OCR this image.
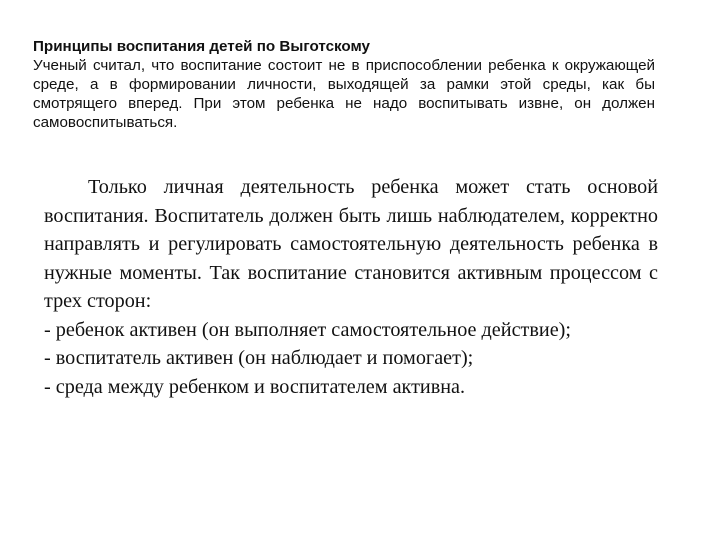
Принципы воспитания детей по Выготскому
Ученый считал, что воспитание состоит не в приспособлении ребенка к окружающей среде, а в формировании личности, выходящей за рамки этой среды, как бы смотрящего вперед. При этом ребенка не надо воспитывать извне, он должен самовоспитываться.

Только личная деятельность ребенка может стать основой воспитания. Воспитатель должен быть лишь наблюдателем, корректно направлять и регулировать самостоятельную деятельность ребенка в нужные моменты. Так воспитание становится активным процессом с трех сторон:

- ребенок активен (он выполняет самостоятельное действие);

- воспитатель активен (он наблюдает и помогает);

- среда между ребенком и воспитателем активна.
